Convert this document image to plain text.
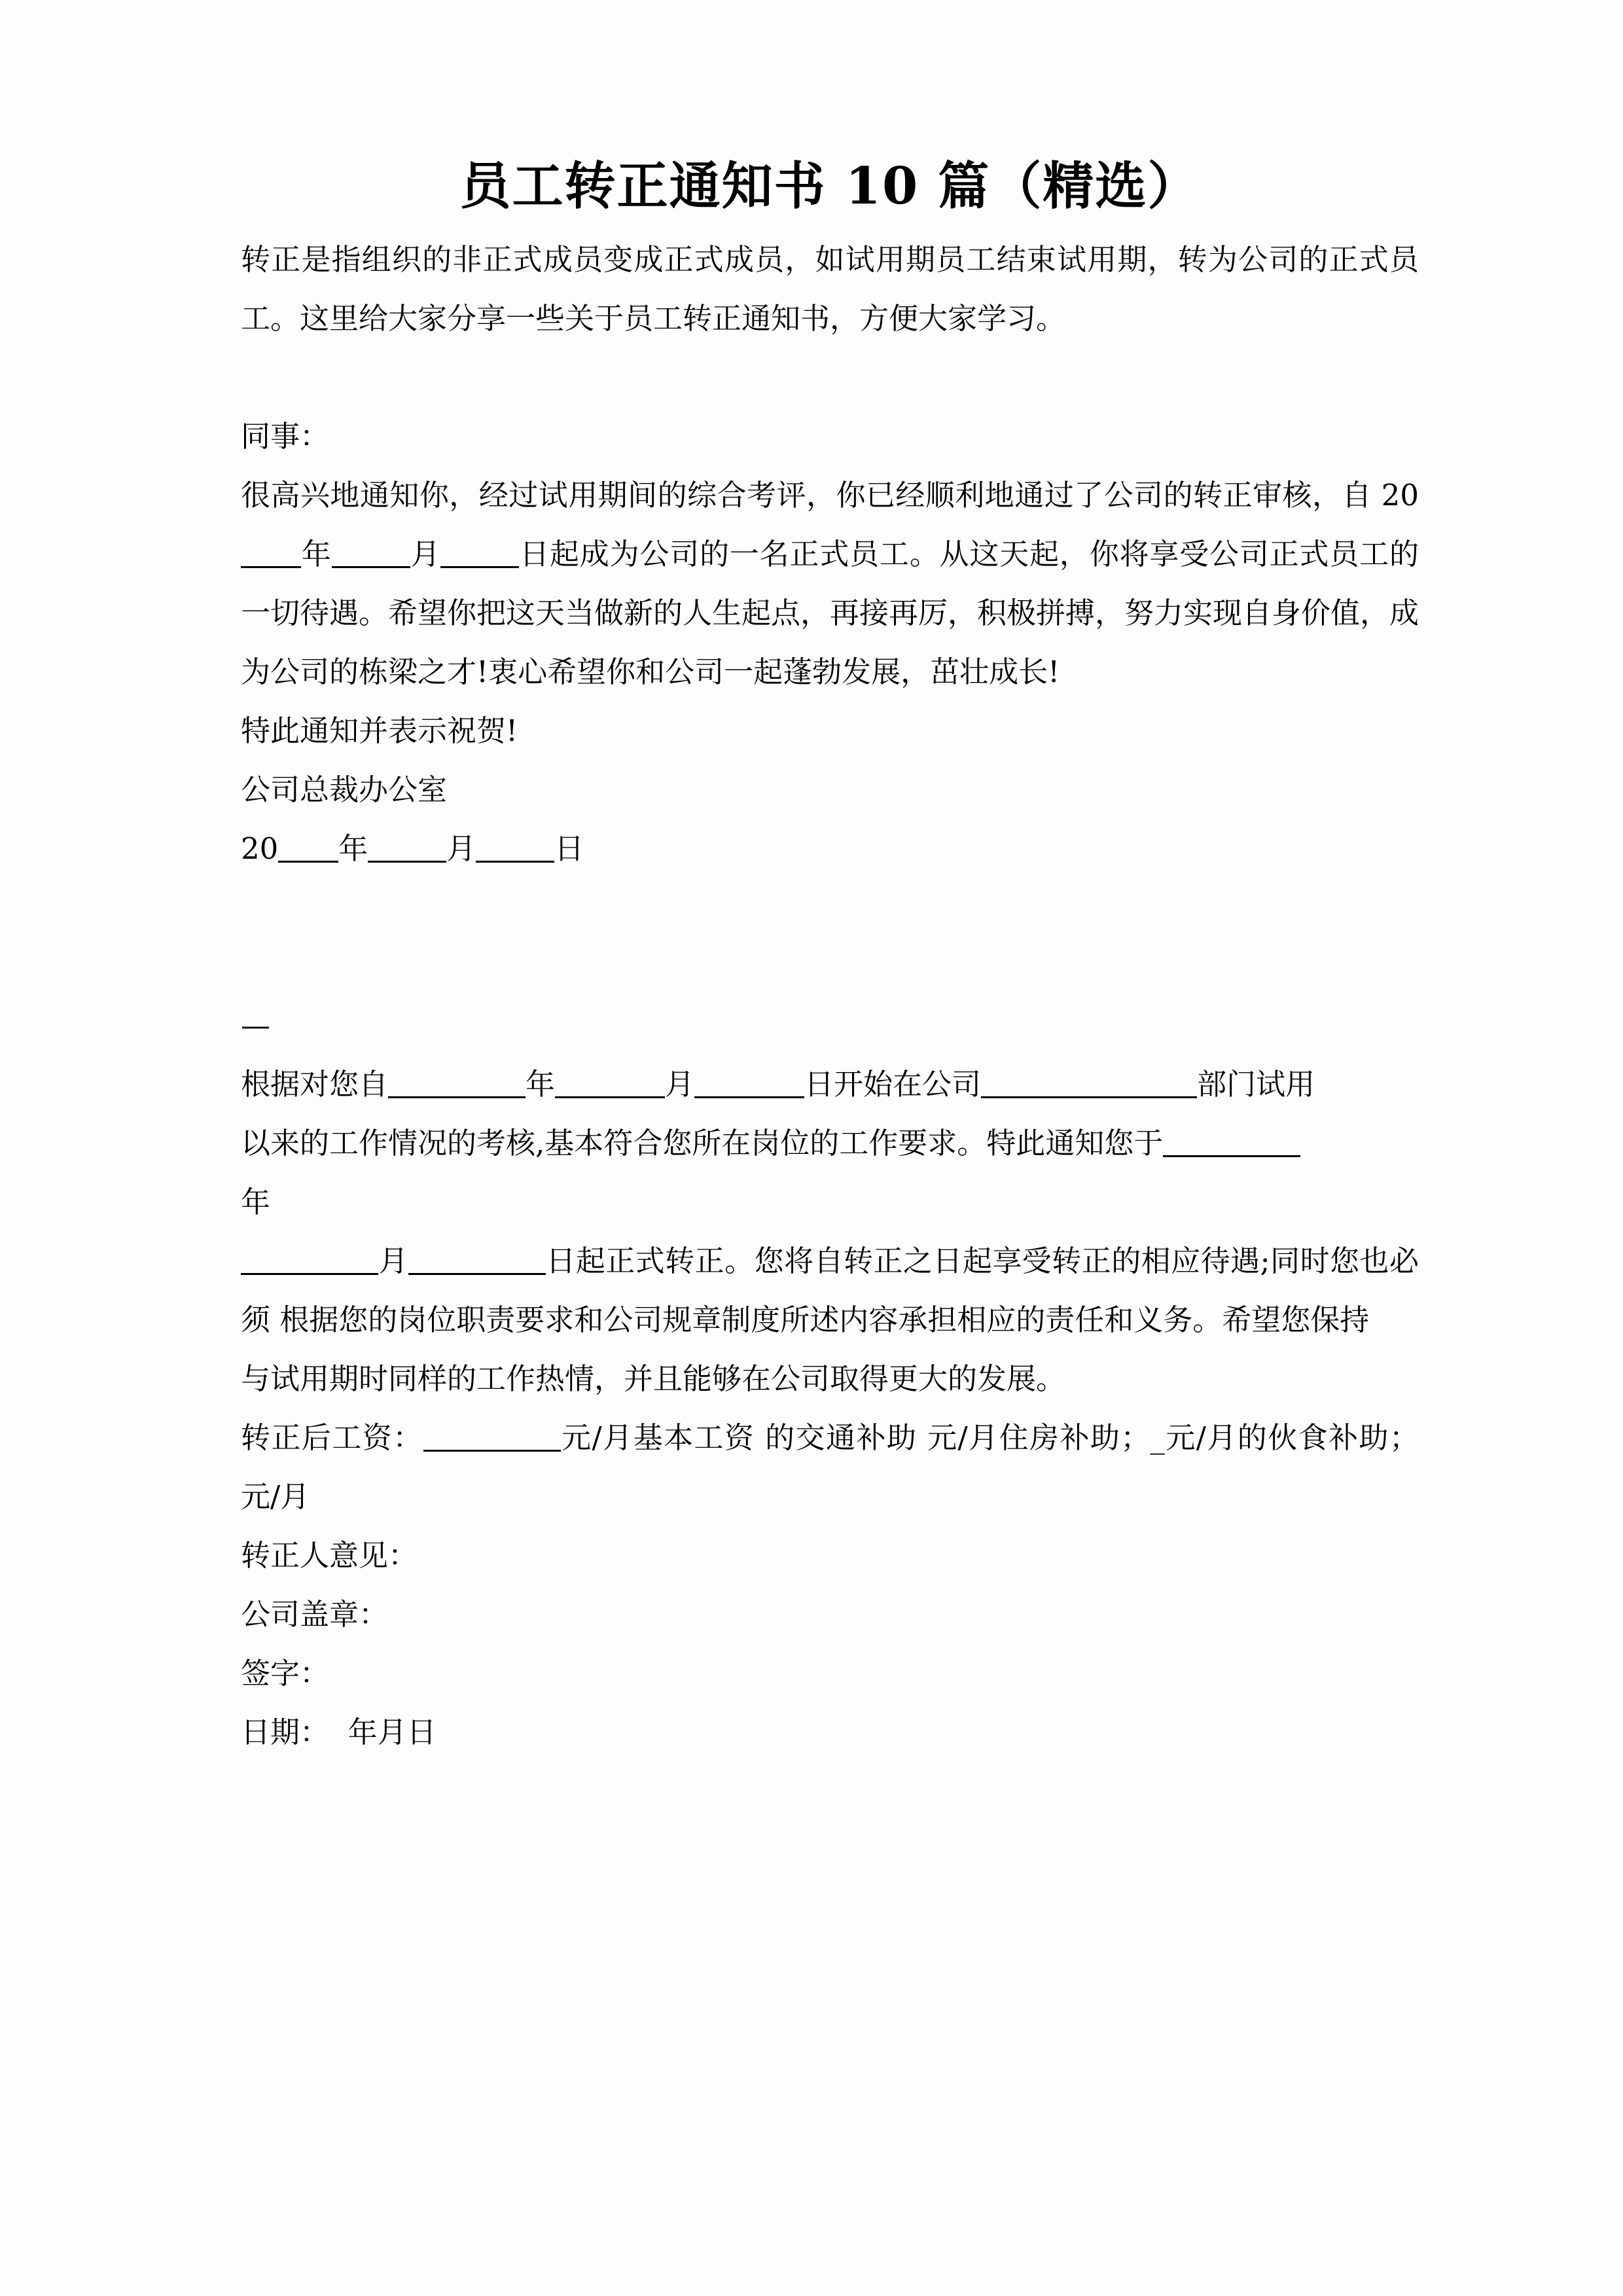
员工转正通知书 10 篇（精选）

转正是指组织的非正式成员变成正式成员，如试用期员工结束试用期，转为公司的正式员工。这里给大家分享一些关于员工转正通知书，方便大家学习。

同事：

很高兴地通知你，经过试用期间的综合考评，你已经顺利地通过了公司的转正审核，自 20年	月	日起成为公司的一名正式员工。从这天起，你将享受公司正式员工的一切待遇。希望你把这天当做新的人生起点，再接再厉，积极拼搏，努力实现自身价值，成为公司的栋梁之才!衷心希望你和公司一起蓬勃发展，茁壮成长!

特此通知并表示祝贺!

公司总裁办公室

20 年	月	日

—

根据对您自	年	月	日开始在公司	部门试用

以来的工作情况的考核,基本符合您所在岗位的工作要求。特此通知您于
年

月	日起正式转正。您将自转正之日起享受转正的相应待遇;同时您也必须 根据您的岗位职责要求和公司规章制度所述内容承担相应的责任和义务。希望您保持

与试用期时同样的工作热情，并且能够在公司取得更大的发展。

转正后工资：	元/月基本工资 的交通补助 元/月住房补助；_元/月的伙食补助；元/月

转正人意见：

公司盖章：

签字：

日期： 年月日
